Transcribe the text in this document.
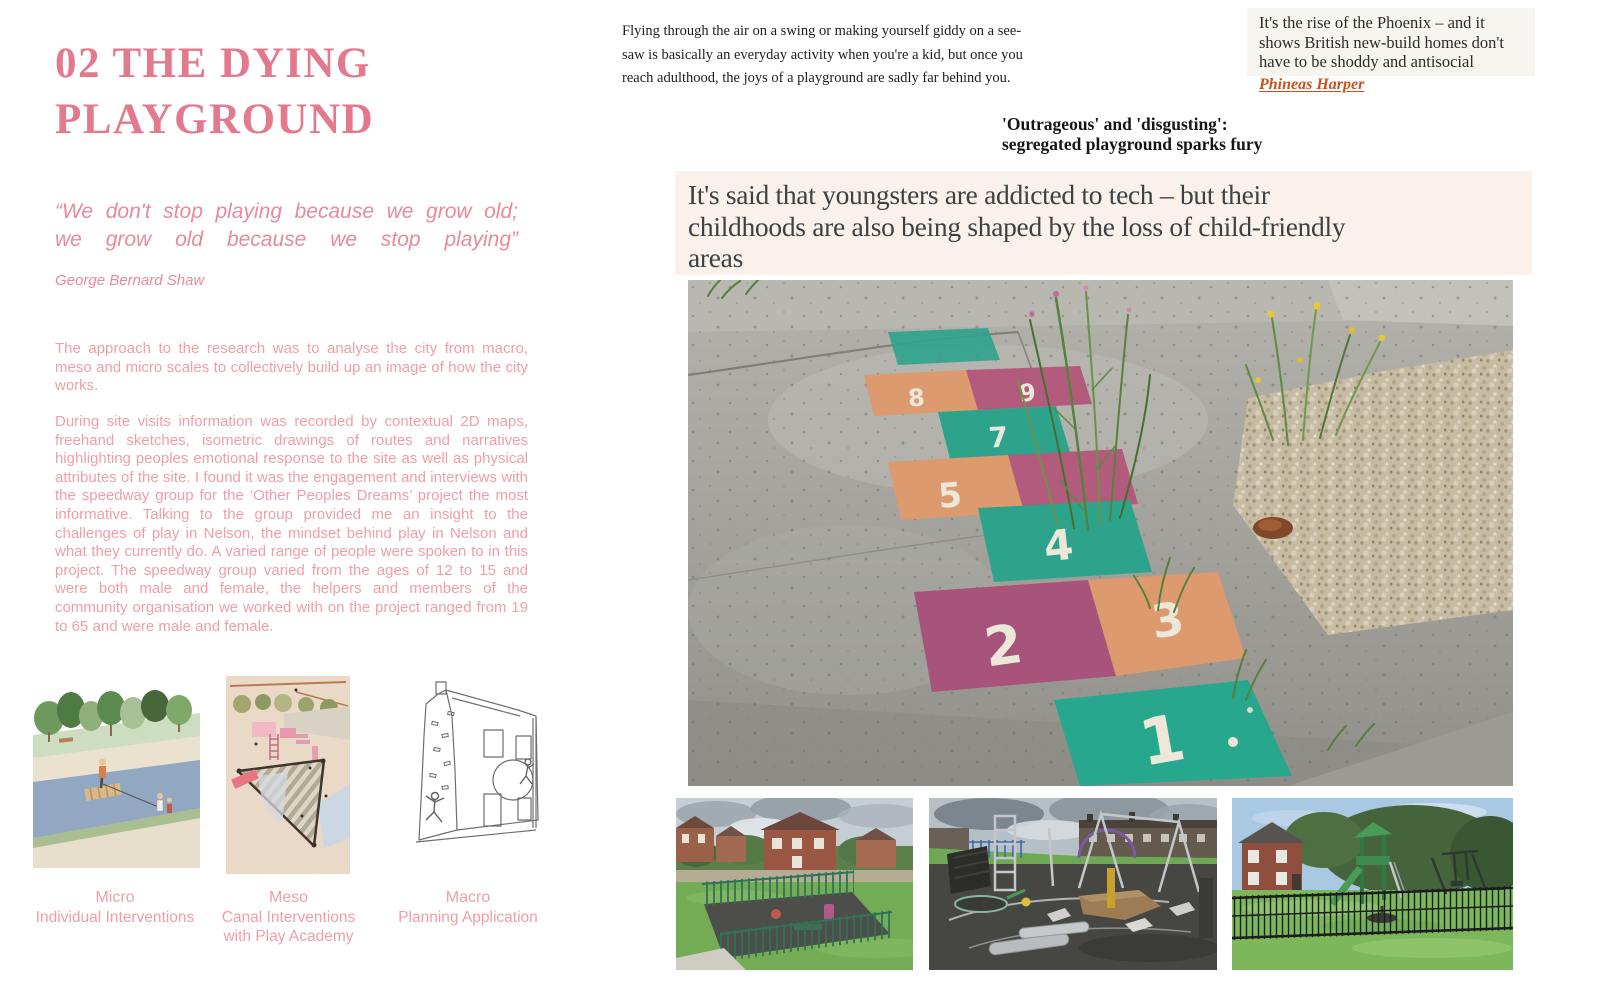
02 THE DYING
PLAYGROUND
“We don't stop playing because we grow old;
we grow old because we stop playing”
George Bernard Shaw

The approach to the research was to analyse the city from macro, meso and micro scales to collectively build up an image of how the city works.

During site visits information was recorded by contextual 2D maps, freehand sketches, isometric drawings of routes and narratives highlighting peoples emotional response to the site as well as physical attributes of the site. I found it was the engagement and interviews with the speedway group for the ‘Other Peoples Dreams’ project the most informative. Talking to the group provided me an insight to the challenges of play in Nelson, the mindset behind play in Nelson and what they currently do. A varied range of people were spoken to in this project. The speedway group varied from the ages of 12 to 15 and were both male and female, the helpers and members of the community organisation we worked with on the project ranged from 19 to 65 and were male and female.

Micro
Individual Interventions
Meso
Canal Interventions with Play Academy
Macro
Planning Application

Flying through the air on a swing or making yourself giddy on a see-saw is basically an everyday activity when you're a kid, but once you reach adulthood, the joys of a playground are sadly far behind you.

It's the rise of the Phoenix – and it shows British new-build homes don't have to be shoddy and antisocial
Phineas Harper
'Outrageous' and 'disgusting':
segregated playground sparks fury
It's said that youngsters are addicted to tech – but their childhoods are also being shaped by the loss of child-friendly areas
1
2	3
4
5
7
8	9
